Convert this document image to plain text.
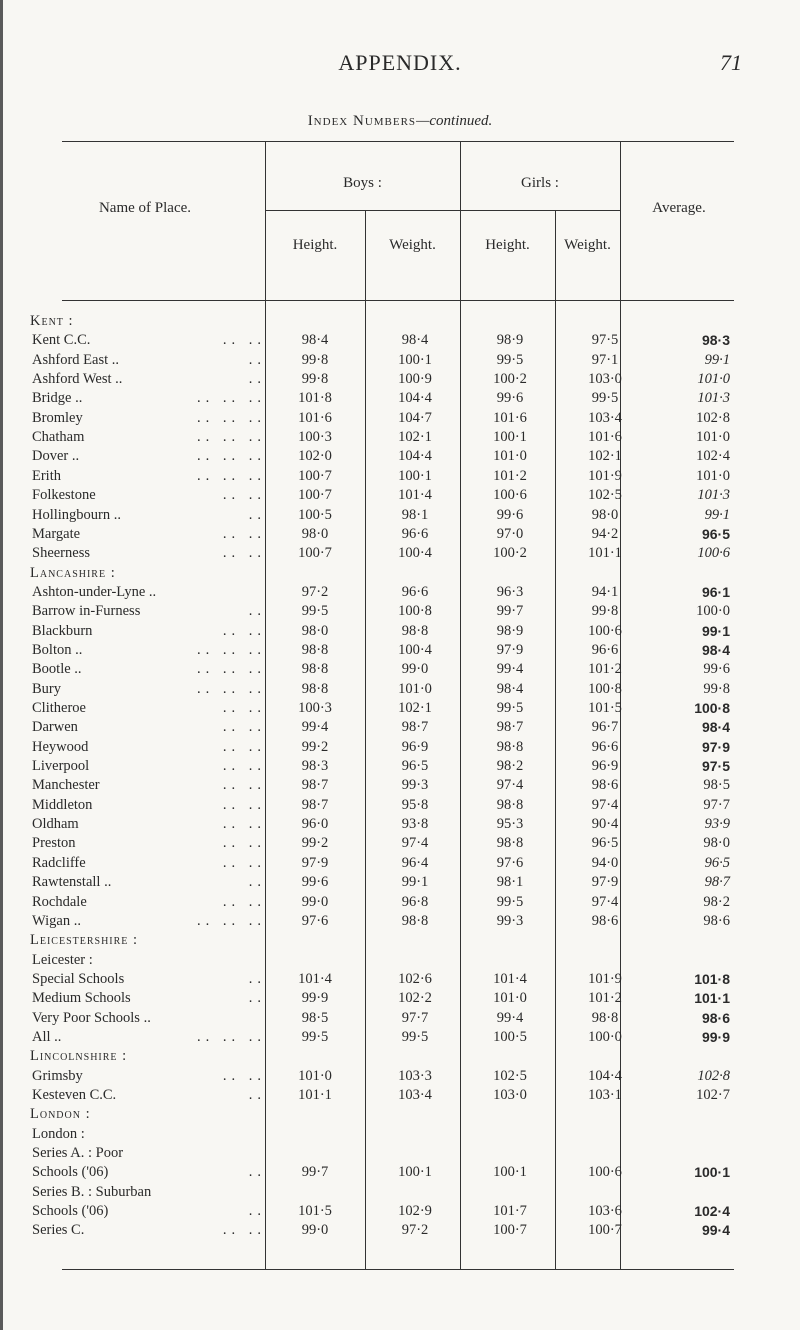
APPENDIX.	71
Index Numbers—continued.
Name of Place.
Boys :	Girls :
Average.
Height.	Weight.	Height.	Weight.
Kent :
Kent C.C.	.. ..	98·4	98·4	98·9	97·5	98·3
Ashford East ..	..	99·8	100·1	99·5	97·1	99·1
Ashford West ..	..	99·8	100·9	100·2	103·0	101·0
Bridge ..	.. .. ..	101·8	104·4	99·6	99·5	101·3
Bromley	.. .. ..	101·6	104·7	101·6	103·4	102·8
Chatham	.. .. ..	100·3	102·1	100·1	101·6	101·0
Dover ..	.. .. ..	102·0	104·4	101·0	102·1	102·4
Erith	.. .. ..	100·7	100·1	101·2	101·9	101·0
Folkestone	.. ..	100·7	101·4	100·6	102·5	101·3
Hollingbourn ..	..	100·5	98·1	99·6	98·0	99·1
Margate	.. ..	98·0	96·6	97·0	94·2	96·5
Sheerness	.. ..	100·7	100·4	100·2	101·1	100·6
Lancashire :
Ashton-under-Lyne ..	97·2	96·6	96·3	94·1	96·1
Barrow in-Furness	..	99·5	100·8	99·7	99·8	100·0
Blackburn	.. ..	98·0	98·8	98·9	100·6	99·1
Bolton ..	.. .. ..	98·8	100·4	97·9	96·6	98·4
Bootle ..	.. .. ..	98·8	99·0	99·4	101·2	99·6
Bury	.. .. ..	98·8	101·0	98·4	100·8	99·8
Clitheroe	.. ..	100·3	102·1	99·5	101·5	100·8
Darwen	.. ..	99·4	98·7	98·7	96·7	98·4
Heywood	.. ..	99·2	96·9	98·8	96·6	97·9
Liverpool	.. ..	98·3	96·5	98·2	96·9	97·5
Manchester	.. ..	98·7	99·3	97·4	98·6	98·5
Middleton	.. ..	98·7	95·8	98·8	97·4	97·7
Oldham	.. ..	96·0	93·8	95·3	90·4	93·9
Preston	.. ..	99·2	97·4	98·8	96·5	98·0
Radcliffe	.. ..	97·9	96·4	97·6	94·0	96·5
Rawtenstall ..	..	99·6	99·1	98·1	97·9	98·7
Rochdale	.. ..	99·0	96·8	99·5	97·4	98·2
Wigan ..	.. .. ..	97·6	98·8	99·3	98·6	98·6
Leicestershire :
Leicester :
Special Schools	..	101·4	102·6	101·4	101·9	101·8
Medium Schools	..	99·9	102·2	101·0	101·2	101·1
Very Poor Schools ..	98·5	97·7	99·4	98·8	98·6
All ..	.. .. ..	99·5	99·5	100·5	100·0	99·9
Lincolnshire :
Grimsby	.. ..	101·0	103·3	102·5	104·4	102·8
Kesteven C.C.	..	101·1	103·4	103·0	103·1	102·7
London :
London :
Series A. : Poor
Schools ('06)	..	99·7	100·1	100·1	100·6	100·1
Series B. : Suburban
Schools ('06)	..	101·5	102·9	101·7	103·6	102·4
Series C.	.. ..	99·0	97·2	100·7	100·7	99·4
